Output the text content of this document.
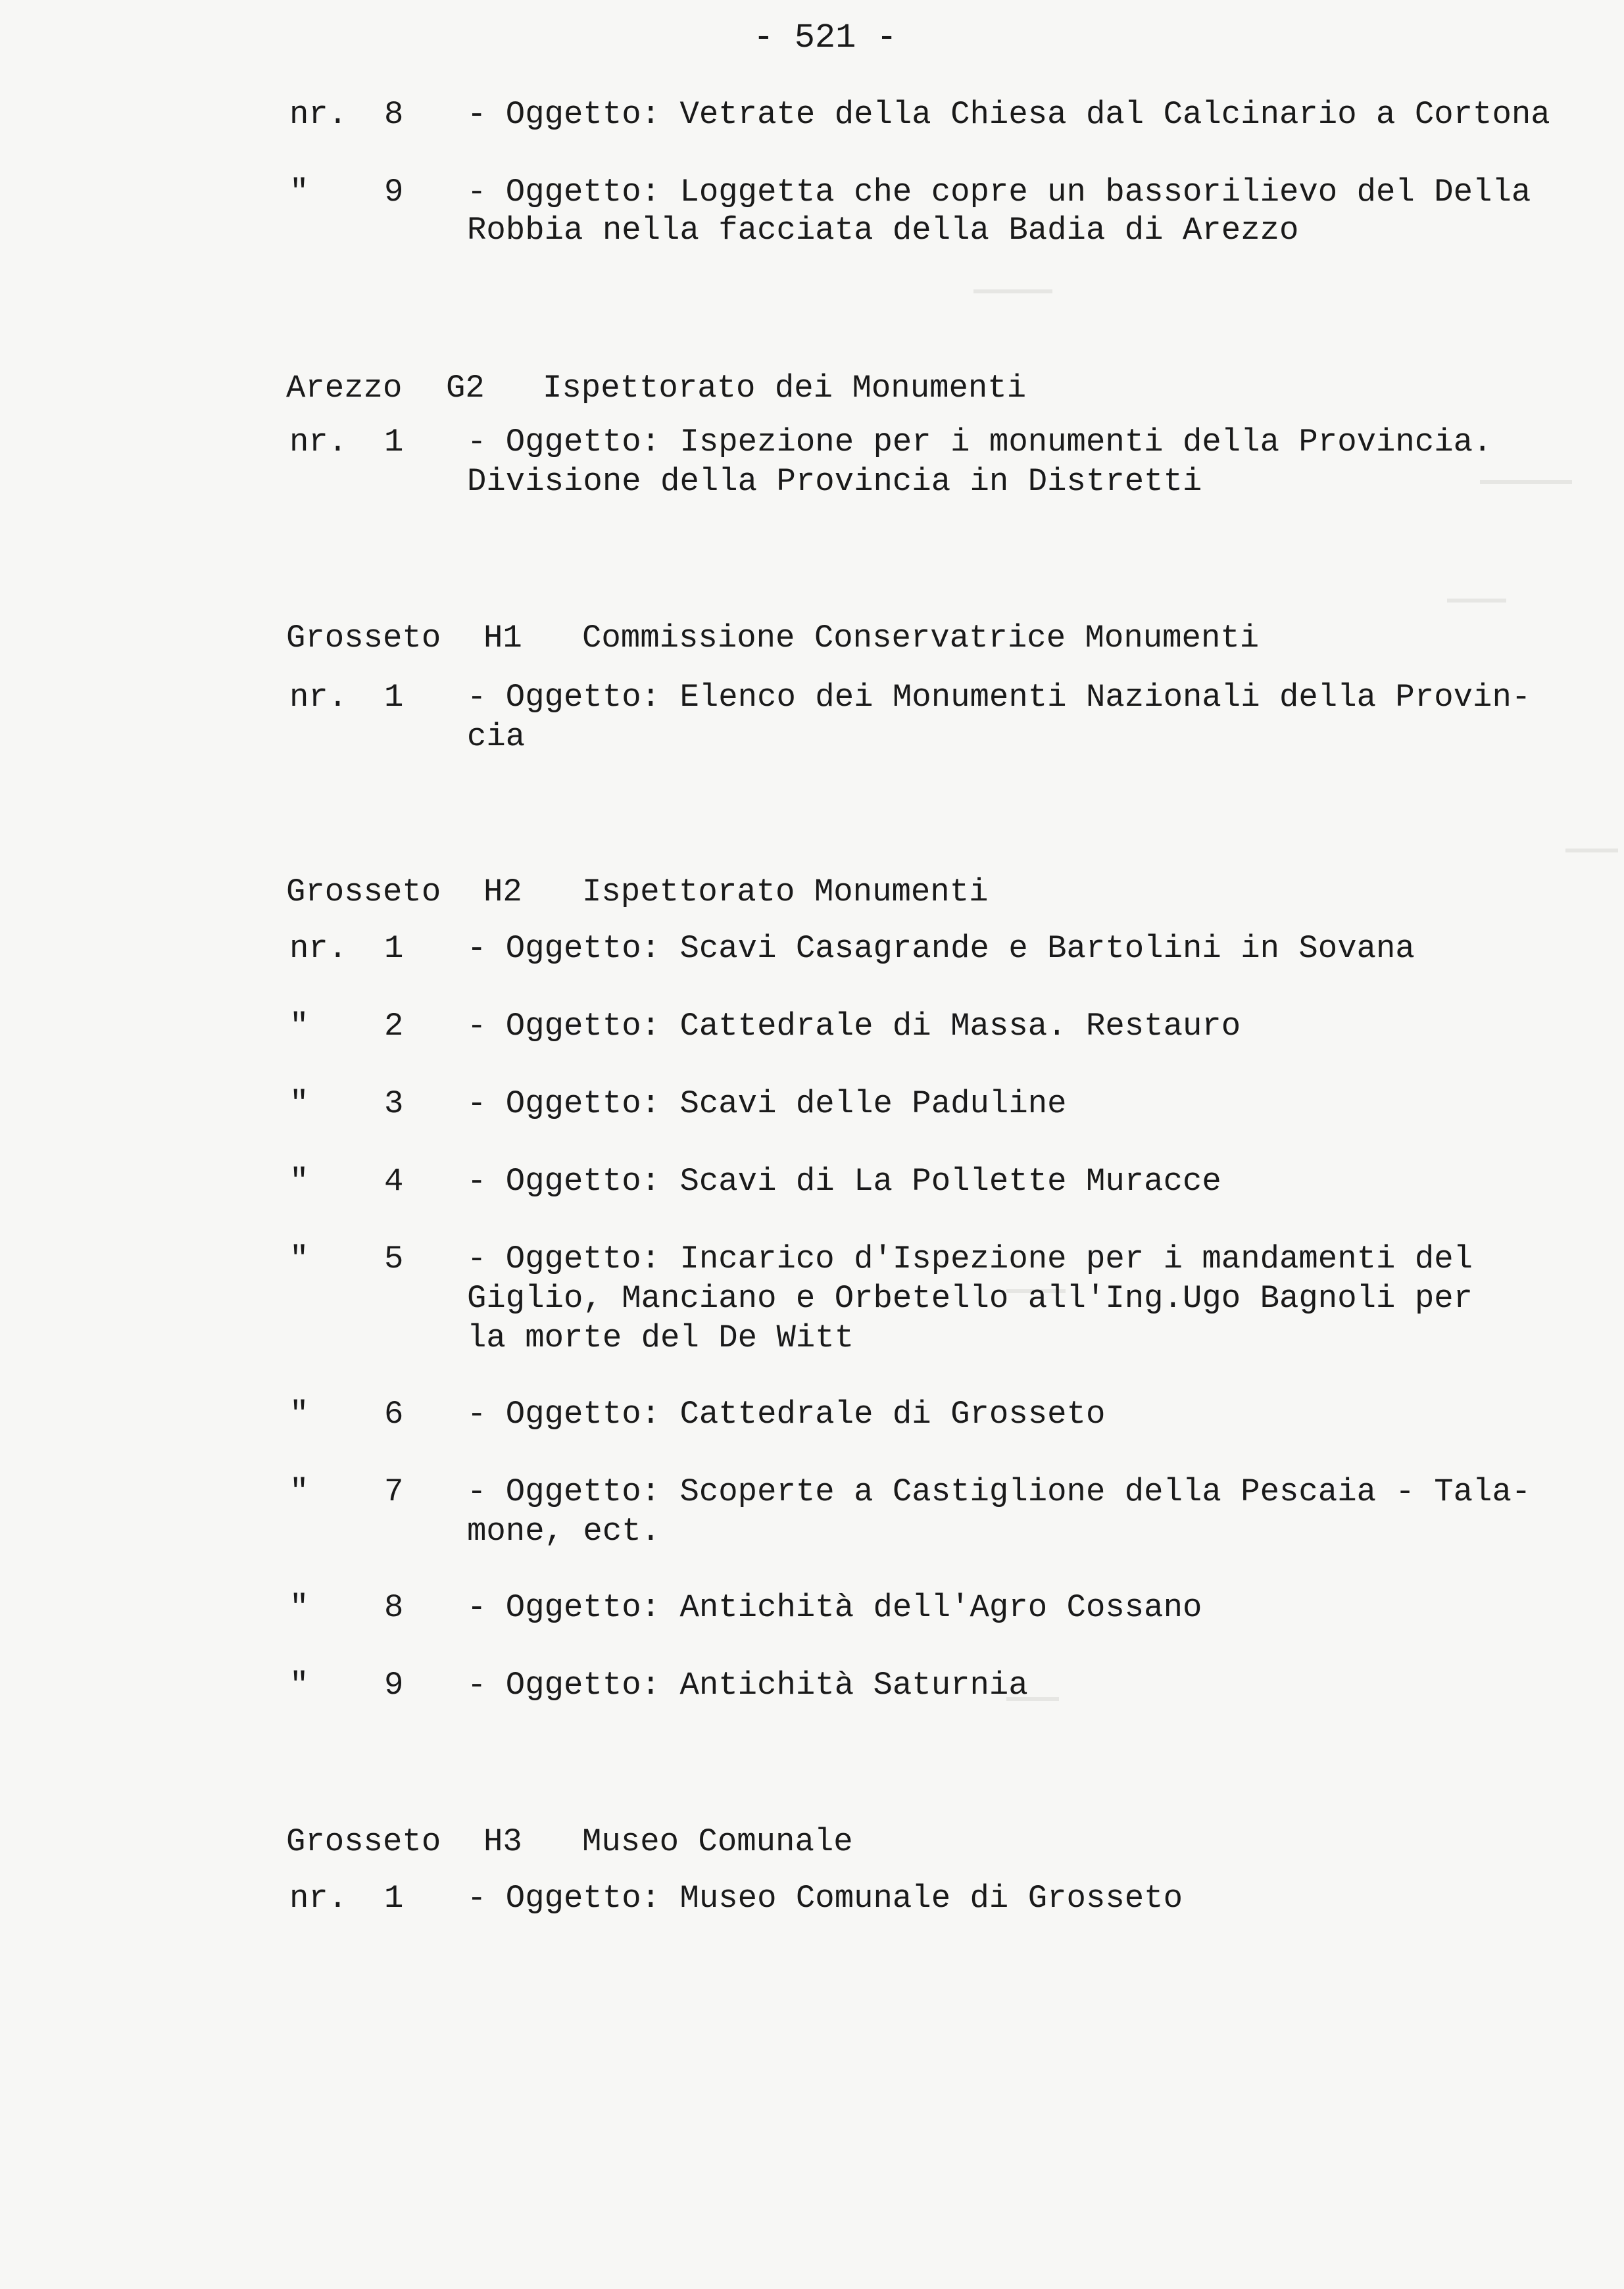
- 521 -
nr. 8 - Oggetto: Vetrate della Chiesa dal Calcinario a Cortona
" 9 - Oggetto: Loggetta che copre un bassorilievo del Della
Robbia nella facciata della Badia di Arezzo
Arezzo G2 Ispettorato dei Monumenti
nr. 1 - Oggetto: Ispezione per i monumenti della Provincia.
Divisione della Provincia in Distretti
Grosseto H1 Commissione Conservatrice Monumenti
nr. 1 - Oggetto: Elenco dei Monumenti Nazionali della Provin-
cia
Grosseto H2 Ispettorato Monumenti
nr. 1 - Oggetto: Scavi Casagrande e Bartolini in Sovana
" 2 - Oggetto: Cattedrale di Massa. Restauro
" 3 - Oggetto: Scavi delle Paduline
" 4 - Oggetto: Scavi di La Pollette Muracce
" 5 - Oggetto: Incarico d'Ispezione per i mandamenti del
Giglio, Manciano e Orbetello all'Ing.Ugo Bagnoli per
la morte del De Witt
" 6 - Oggetto: Cattedrale di Grosseto
" 7 - Oggetto: Scoperte a Castiglione della Pescaia - Tala-
mone, ect.
" 8 - Oggetto: Antichità dell'Agro Cossano
" 9 - Oggetto: Antichità Saturnia
Grosseto H3 Museo Comunale
nr. 1 - Oggetto: Museo Comunale di Grosseto
